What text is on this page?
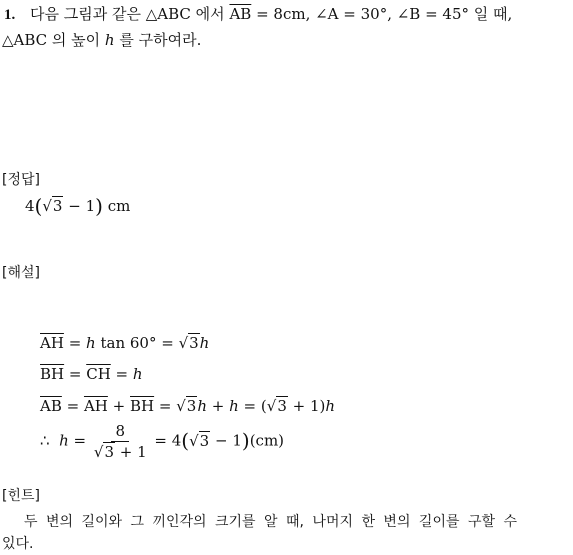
1. 다음 그림과 같은 △ABC 에서 $\overline{AB} = 8cm$, ∠A = 30°, ∠B = 45° 일 때,
△ABC 의 높이 h 를 구하여라.
[정답]
4(√3 − 1) cm
[해설]
$\overline{AH} = h$ tan 60° = √3h
$\overline{BH} = \overline{CH} = h$
$\overline{AB} = \overline{AH} + \overline{BH} = √3h + h = (√3 + 1)h$
∴  $h = \frac{8}{√3 + 1} = 4(√3 - 1)(cm)$
[힌트]
두 변의 길이와 그 끼인각의 크기를 알 때, 나머지 한 변의 길이를 구할 수
있다.
